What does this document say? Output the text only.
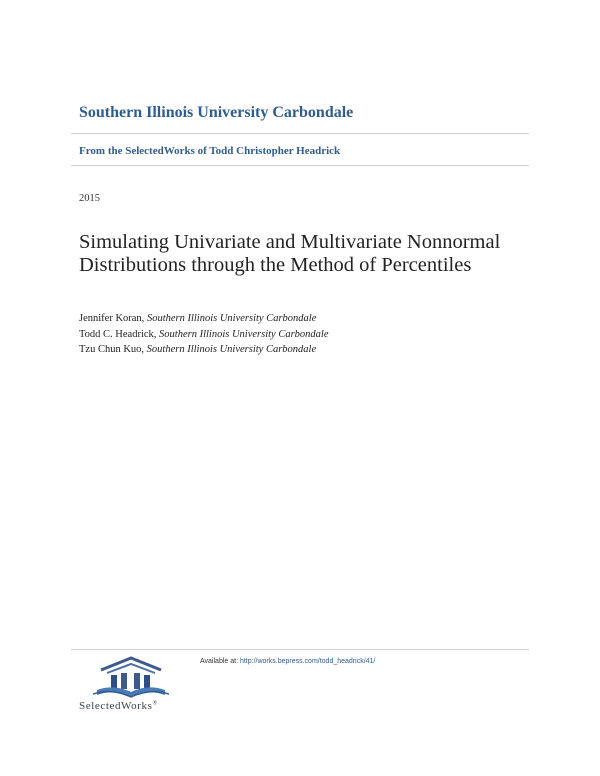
Southern Illinois University Carbondale
From the SelectedWorks of Todd Christopher Headrick
2015
Simulating Univariate and Multivariate Nonnormal Distributions through the Method of Percentiles
Jennifer Koran, Southern Illinois University Carbondale
Todd C. Headrick, Southern Illinois University Carbondale
Tzu Chun Kuo, Southern Illinois University Carbondale
SelectedWorks®
Available at: http://works.bepress.com/todd_headrick/41/
